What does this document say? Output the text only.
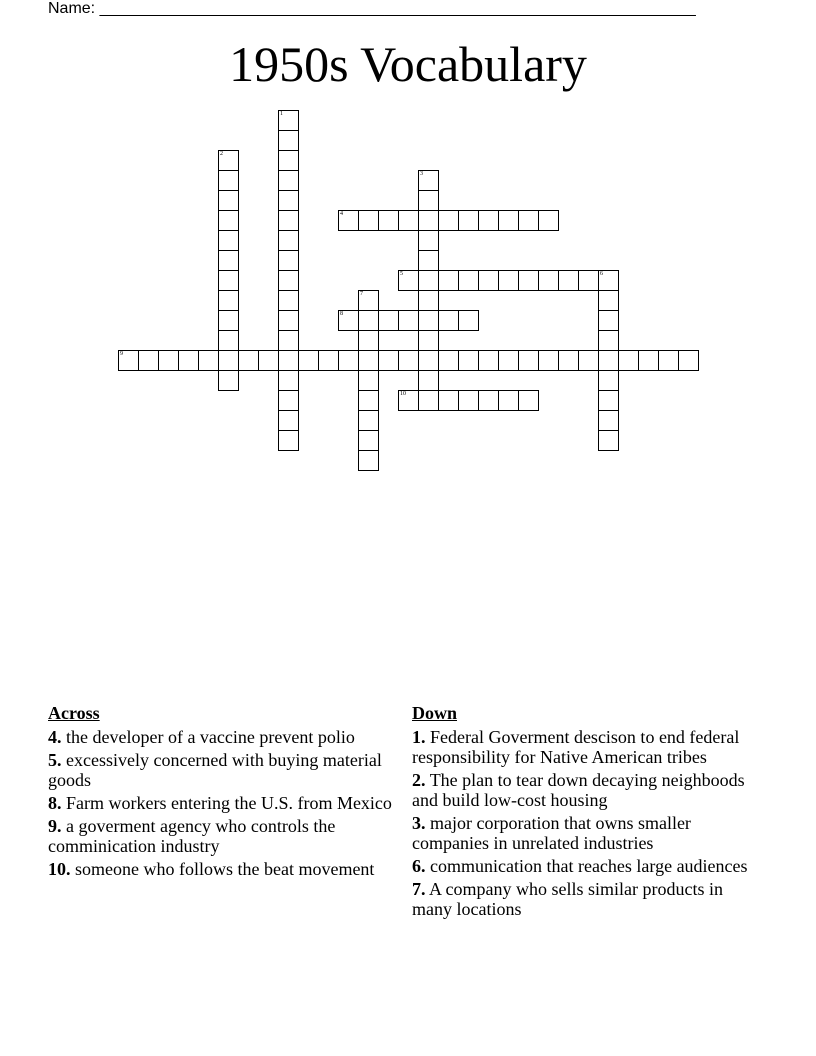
Name: ___________________________________________________________________
1950s Vocabulary
1
2
3
4
5	6
7
8
9
10
Across
4. the developer of a vaccine prevent polio
5. excessively concerned with buying material goods
8. Farm workers entering the U.S. from Mexico
9. a goverment agency who controls the comminication industry
10. someone who follows the beat movement
Down
1. Federal Goverment descison to end federal responsibility for Native American tribes
2. The plan to tear down decaying neighboods and build low-cost housing
3. major corporation that owns smaller companies in unrelated industries
6. communication that reaches large audiences
7. A company who sells similar products in many locations
